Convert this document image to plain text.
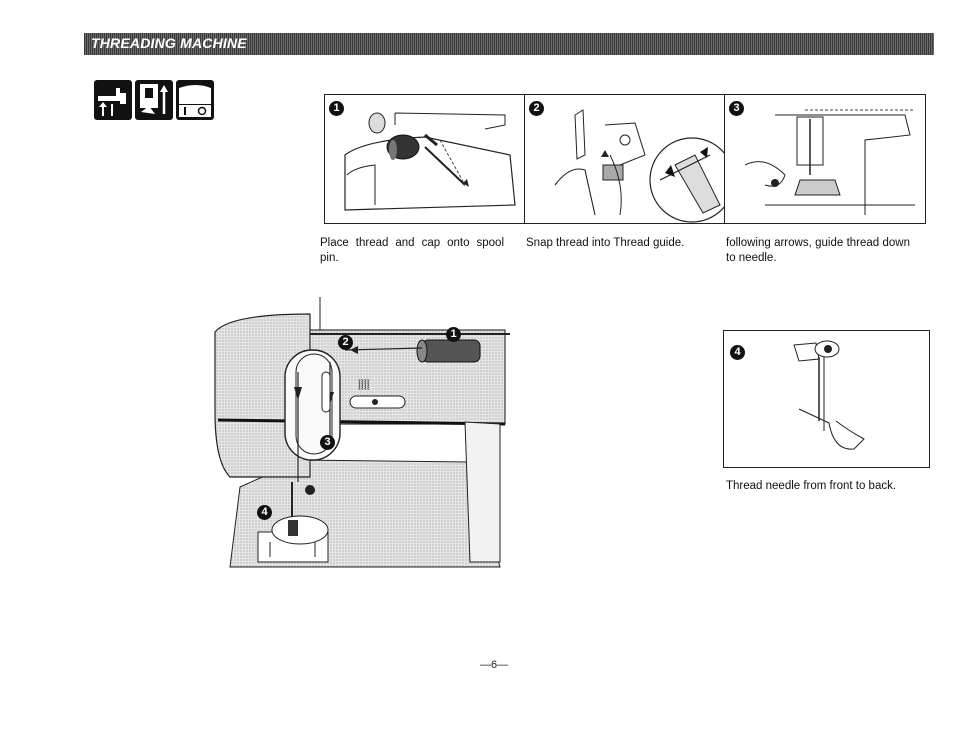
THREADING MACHINE
1	2	3
Place thread and cap onto spool pin.
Snap thread into Thread guide.	following arrows, guide thread down to needle.
⦚⦚⦚⦚
1
2
3
4
4
Thread needle from front to back.
—6—
